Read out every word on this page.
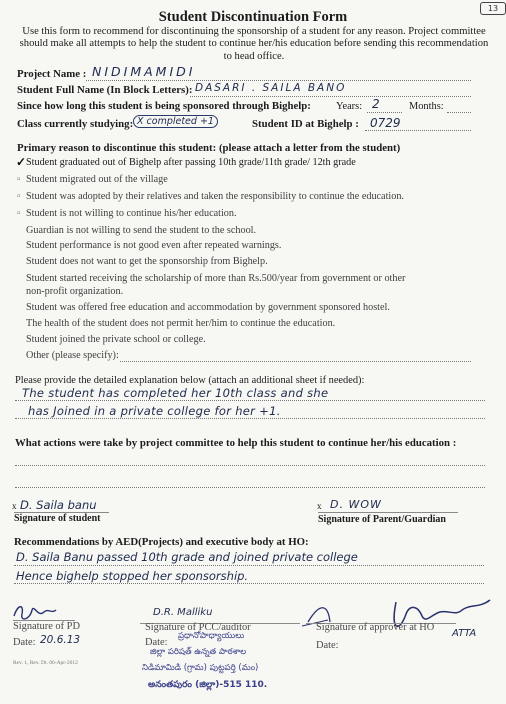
13
Student Discontinuation Form
Use this form to recommend for discontinuing the sponsorship of a student for any reason. Project committee should make all attempts to help the student to continue her/his education before sending this recommendation to head office.
Project Name : NIDIMAMIDI
Student Full Name (In Block Letters): DASARI . SAILA BANO
Since how long this student is being sponsored through Bighelp: Years: 2	Months:
Class currently studying: X completed +1	Student ID at Bighelp : 0729
Primary reason to discontinue this student: (please attach a letter from the student)
✓ Student graduated out of Bighelp after passing 10th grade/11th grade/ 12th grade
▫ Student migrated out of the village
▫ Student was adopted by their relatives and taken the responsibility to continue the education.
▫ Student is not willing to continue his/her education.
Guardian is not willing to send the student to the school.
Student performance is not good even after repeated warnings.
Student does not want to get the sponsorship from Bighelp.
Student started receiving the scholarship of more than Rs.500/year from government or other
non-profit organization.
Student was offered free education and accommodation by government sponsored hostel.
The health of the student does not permit her/him to continue the education.
Student joined the private school or college.
Other (please specify):
Please provide the detailed explanation below (attach an additional sheet if needed):
The student has completed her 10th class and she
has Joined in a private college for her +1.
What actions were take by project committee to help this student to continue her/his education :
x D. Saila banu
Signature of student
x D. WOW
Signature of Parent/Guardian
Recommendations by AED(Projects) and executive body at HO:
D. Saila Banu passed 10th grade and joined private college
Hence bighelp stopped her sponsorship.
Signature of PD
Date: 20.6.13
Rev. 1, Rev. Dt. 06-Apr-2012
D.R. Malliku
Signature of PCC/auditor
Date:
ప్రధానోపాధ్యాయులు
జిల్లా పరిషత్ ఉన్నత పాఠశాల
నిడిమామిడి (గ్రామ) పుట్టపర్తి (మం)
అనంతపురం (జిల్లా)-515 110.
Signature of approver at HO
Date:
ATTA
